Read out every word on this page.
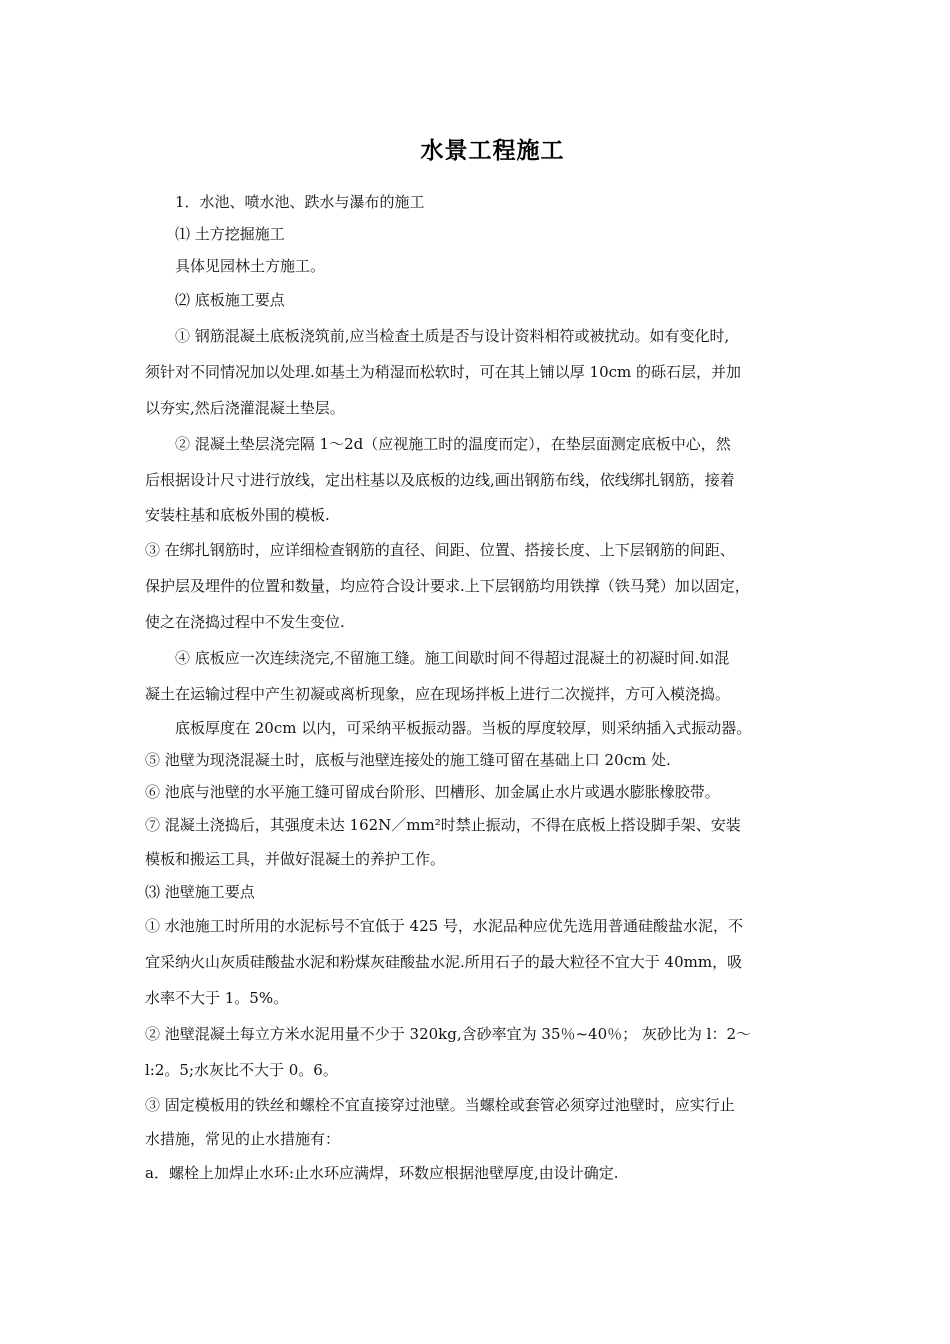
水景工程施工

1．水池、喷水池、跌水与瀑布的施工

⑴ 土方挖掘施工

具体见园林土方施工。

⑵ 底板施工要点

① 钢筋混凝土底板浇筑前,应当检查土质是否与设计资料相符或被扰动。如有变化时,

须针对不同情况加以处理.如基土为稍湿而松软时，可在其上铺以厚 10cm 的砾石层，并加

以夯实,然后浇灌混凝土垫层。

② 混凝土垫层浇完隔 1～2d（应视施工时的温度而定），在垫层面测定底板中心，然

后根据设计尺寸进行放线，定出柱基以及底板的边线,画出钢筋布线，依线绑扎钢筋，接着

安装柱基和底板外围的模板.

③ 在绑扎钢筋时，应详细检查钢筋的直径、间距、位置、搭接长度、上下层钢筋的间距、

保护层及埋件的位置和数量，均应符合设计要求.上下层钢筋均用铁撑（铁马凳）加以固定，

使之在浇捣过程中不发生变位.

④ 底板应一次连续浇完,不留施工缝。施工间歇时间不得超过混凝土的初凝时间.如混

凝土在运输过程中产生初凝或离析现象，应在现场拌板上进行二次搅拌，方可入模浇捣。

底板厚度在 20cm 以内，可采纳平板振动器。当板的厚度较厚，则采纳插入式振动器。

⑤ 池壁为现浇混凝土时，底板与池壁连接处的施工缝可留在基础上口 20cm 处.

⑥ 池底与池壁的水平施工缝可留成台阶形、凹槽形、加金属止水片或遇水膨胀橡胶带。

⑦ 混凝土浇捣后，其强度未达 162N／mm²时禁止振动，不得在底板上搭设脚手架、安装

模板和搬运工具，并做好混凝土的养护工作。

⑶ 池壁施工要点

① 水池施工时所用的水泥标号不宜低于 425 号，水泥品种应优先选用普通硅酸盐水泥，不

宜采纳火山灰质硅酸盐水泥和粉煤灰硅酸盐水泥.所用石子的最大粒径不宜大于 40mm，吸

水率不大于 1。5%。

② 池壁混凝土每立方米水泥用量不少于 320kg,含砂率宜为 35％~40％； 灰砂比为 l：2～

l:2。5;水灰比不大于 0。6。

③ 固定模板用的铁丝和螺栓不宜直接穿过池壁。当螺栓或套管必须穿过池壁时，应实行止

水措施，常见的止水措施有：

a．螺栓上加焊止水环:止水环应满焊，环数应根据池壁厚度,由设计确定.
